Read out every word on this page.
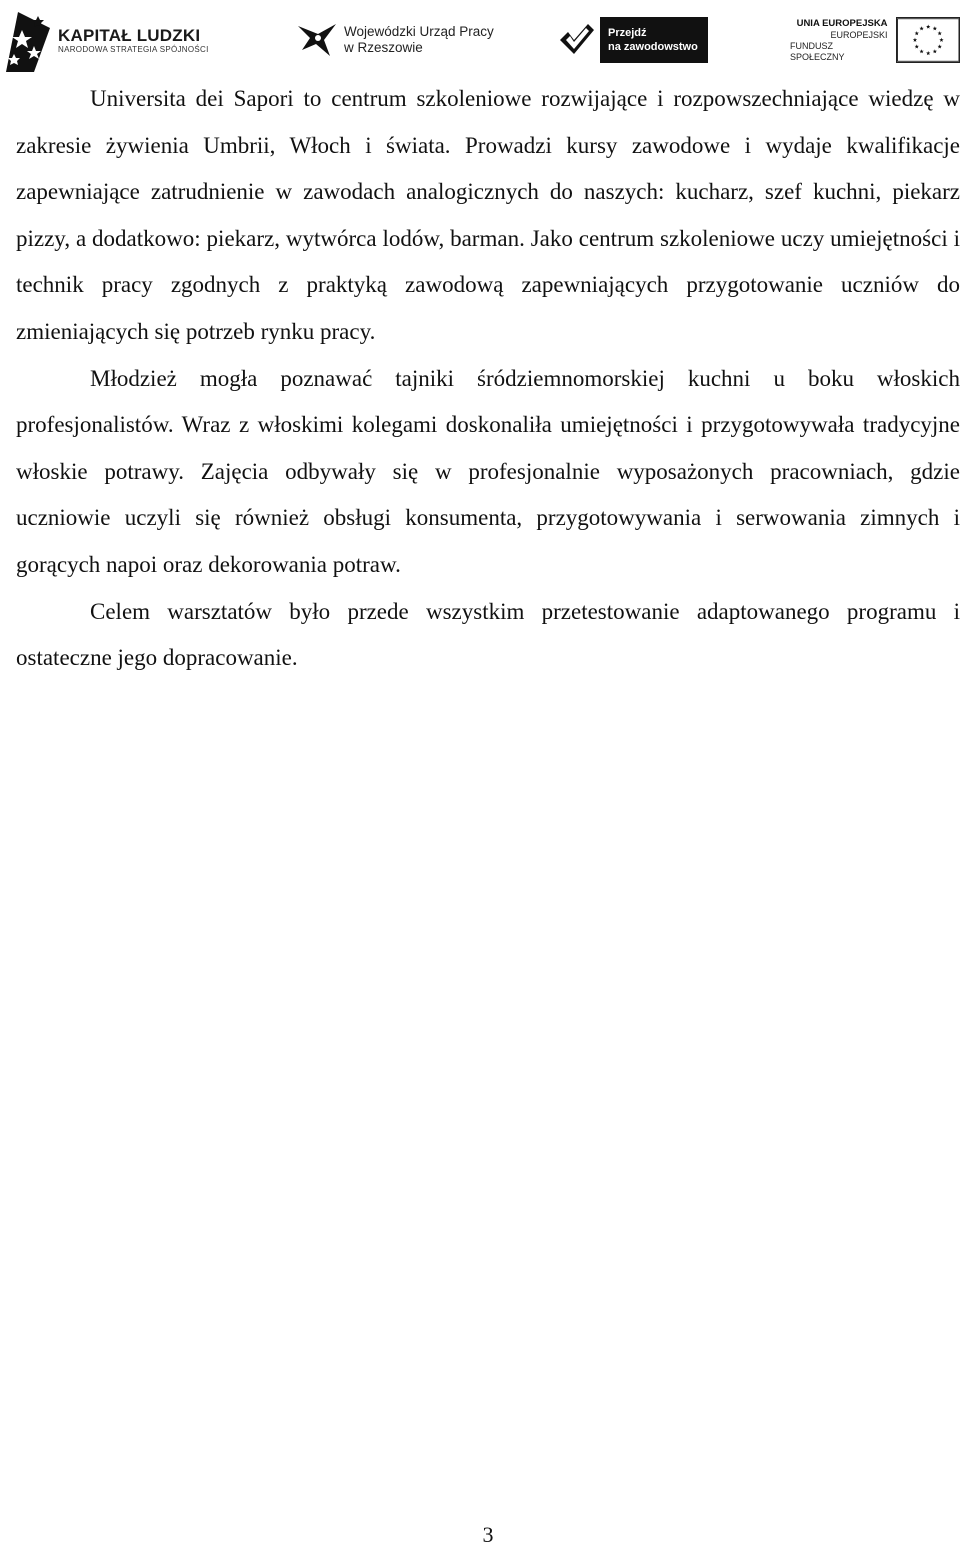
KAPITAŁ LUDZKI
NARODOWA STRATEGIA SPÓJNOŚCI
Wojewódzki Urząd Pracy
w Rzeszowie
Przejdź
na zawodowstwo
UNIA EUROPEJSKA
EUROPEJSKI
FUNDUSZ SPOŁECZNY

Universita dei Sapori to centrum szkoleniowe rozwijające i rozpowszechniające wiedzę w zakresie żywienia Umbrii, Włoch i świata. Prowadzi kursy zawodowe i wydaje kwalifikacje zapewniające zatrudnienie w zawodach analogicznych do naszych: kucharz, szef kuchni, piekarz pizzy, a dodatkowo: piekarz, wytwórca lodów, barman. Jako centrum szkoleniowe uczy umiejętności i technik pracy zgodnych z praktyką zawodową zapewniających przygotowanie uczniów do zmieniających się potrzeb rynku pracy.

Młodzież mogła poznawać tajniki śródziemnomorskiej kuchni u boku włoskich profesjonalistów. Wraz z włoskimi kolegami doskonaliła umiejętności i przygotowywała tradycyjne włoskie potrawy. Zajęcia odbywały się w profesjonalnie wyposażonych pracowniach, gdzie uczniowie uczyli się również obsługi konsumenta, przygotowywania i serwowania zimnych i gorących napoi oraz dekorowania potraw.

Celem warsztatów było przede wszystkim przetestowanie adaptowanego programu i ostateczne jego dopracowanie.

3
